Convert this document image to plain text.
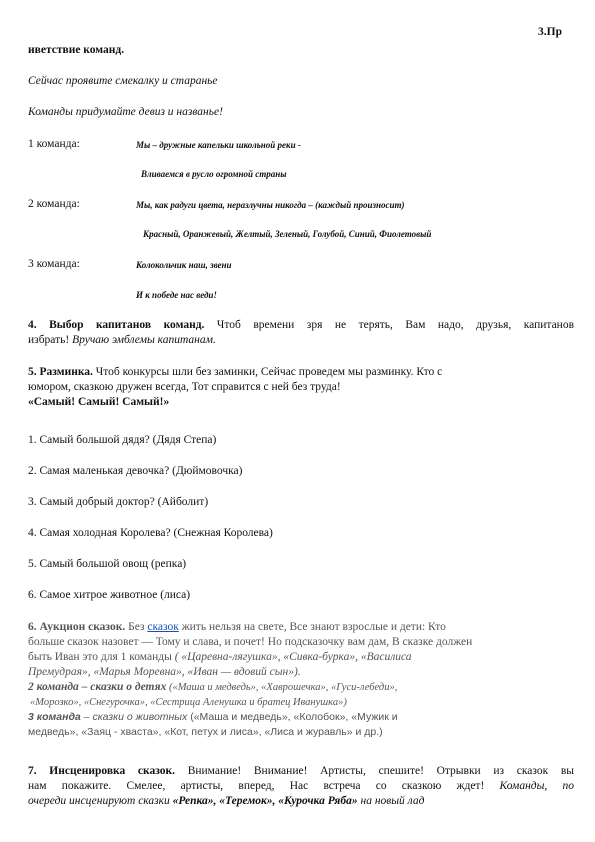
3.Пр
иветствие команд.
Сейчас проявите смекалку и старанье
Команды придумайте девиз и названье!
1 команда:	Мы – дружные капельки школьной реки -
Вливаемся в русло огромной страны
2 команда:	Мы, как радуги цвета, неразлучны никогда – (каждый произносит)
Красный, Оранжевый, Желтый, Зеленый, Голубой, Синий, Фиолетовый
3 команда:	Колокольчик наш, звени
И к победе нас веди!
4. Выбор капитанов команд. Чтоб времени зря не терять, Вам надо, друзья, капитанов
избрать! Вручаю эмблемы капитанам.
5. Разминка. Чтоб конкурсы шли без заминки, Сейчас проведем мы разминку. Кто с
юмором, сказкою дружен всегда, Тот справится с ней без труда!
«Самый! Самый! Самый!»
1. Самый большой дядя? (Дядя Степа)
2. Самая маленькая девочка? (Дюймовочка)
3. Самый добрый доктор? (Айболит)
4. Самая холодная Королева? (Снежная Королева)
5. Самый большой овощ (репка)
6. Самое хитрое животное (лиса)
6. Аукцион сказок. Без сказок жить нельзя на свете, Все знают взрослые и дети: Кто
больше сказок назовет — Тому и слава, и почет! Но подсказочку вам дам, В сказке должен
быть Иван это для 1 команды ( «Царевна-лягушка», «Сивка-бурка», «Василиса
Премудрая», «Марья Моревна», «Иван — вдовий сын»).
2 команда – сказки о детях («Маша и медведь», «Хаврошечка», «Гуси-лебеди»,
«Морозко», «Снегурочка», «Сестрица Аленушка и братец Иванушка»)
3 команда – сказки о животных («Маша и медведь», «Колобок», «Мужик и
медведь», «Заяц - хваста», «Кот, петух и лиса», «Лиса и журавль» и др.)
7. Инсценировка сказок. Внимание! Внимание! Артисты, спешите! Отрывки из сказок вы
нам покажите. Смелее, артисты, вперед, Нас встреча со сказкою ждет! Команды, по
очереди инсценируют сказки «Репка», «Теремок», «Курочка Ряба» на новый лад
